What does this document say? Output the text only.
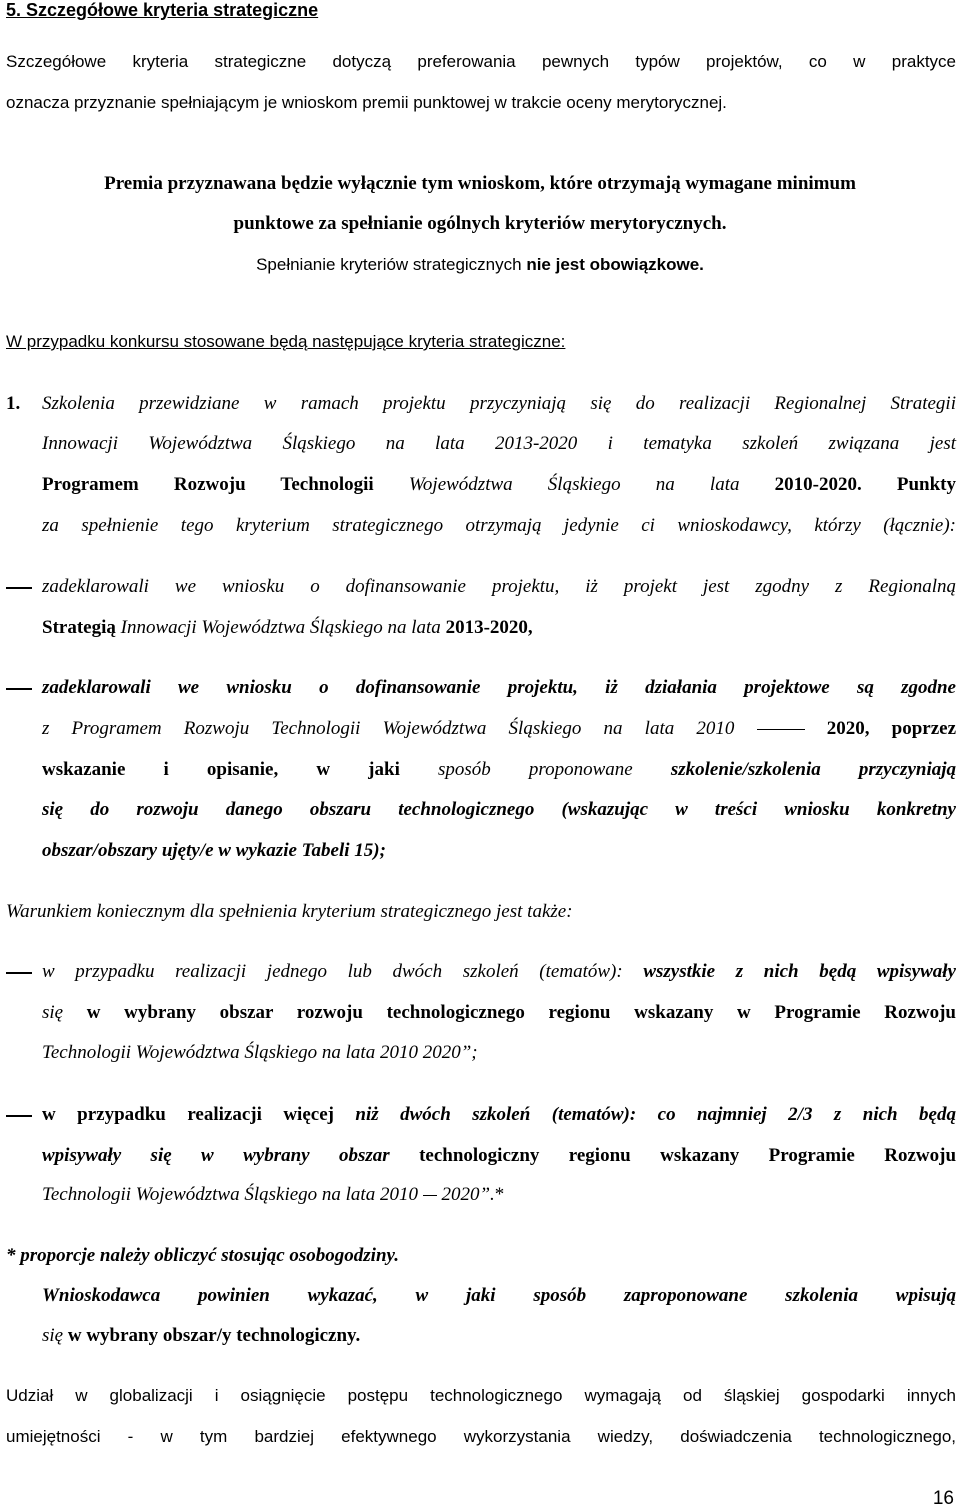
5. Szczegółowe kryteria strategiczne
Szczegółowe kryteria strategiczne dotyczą preferowania pewnych typów projektów, co w praktyce
oznacza przyznanie spełniającym je wnioskom premii punktowej w trakcie oceny merytorycznej.
Premia przyznawana będzie wyłącznie tym wnioskom, które otrzymają wymagane minimum
punktowe za spełnianie ogólnych kryteriów merytorycznych.
Spełnianie kryteriów strategicznych nie jest obowiązkowe.
W przypadku konkursu stosowane będą następujące kryteria strategiczne:
1. Szkolenia przewidziane w ramach projektu przyczyniają się do realizacji Regionalnej Strategii
Innowacji Województwa Śląskiego na lata 2013-2020 i tematyka szkoleń związana jest
Programem Rozwoju Technologii Województwa Śląskiego na lata 2010-2020. Punkty
za spełnienie tego kryterium strategicznego otrzymają jedynie ci wnioskodawcy, którzy (łącznie):
zadeklarowali we wniosku o dofinansowanie projektu, iż projekt jest zgodny z Regionalną
Strategią Innowacji Województwa Śląskiego na lata 2013-2020,
zadeklarowali we wniosku o dofinansowanie projektu, iż działania projektowe są zgodne
z Programem Rozwoju Technologii Województwa Śląskiego na lata 2010	2020, poprzez
wskazanie i opisanie, w jaki sposób proponowane szkolenie/szkolenia przyczyniają
się do rozwoju danego obszaru technologicznego (wskazując w treści wniosku konkretny
obszar/obszary ujęty/e w wykazie Tabeli 15);
Warunkiem koniecznym dla spełnienia kryterium strategicznego jest także:
w przypadku realizacji jednego lub dwóch szkoleń (tematów): wszystkie z nich będą wpisywały
się w wybrany obszar rozwoju technologicznego regionu wskazany w Programie Rozwoju
Technologii Województwa Śląskiego na lata 2010 2020”;
w przypadku realizacji więcej niż dwóch szkoleń (tematów): co najmniej 2/3 z nich będą
wpisywały się w wybrany obszar technologiczny regionu wskazany Programie Rozwoju
Technologii Województwa Śląskiego na lata 2010  2020”.*
* proporcje należy obliczyć stosując osobogodziny.
Wnioskodawca powinien wykazać, w jaki sposób zaproponowane szkolenia wpisują
się w wybrany obszar/y technologiczny.
Udział w globalizacji i osiągnięcie postępu technologicznego wymagają od śląskiej gospodarki innych
umiejętności - w tym bardziej efektywnego wykorzystania wiedzy, doświadczenia technologicznego,
16
